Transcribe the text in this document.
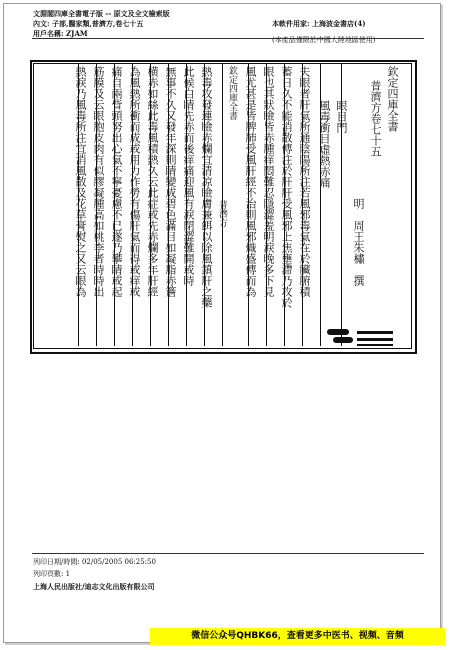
文淵閣四庫全書電子版 -- 原文及全文檢索版
內文: 子部,醫家類,普濟方,卷七十五
用戶名稱: ZJAM
本軟件用家: 上海波金書店(4)
(本產品僅限於中國大陸地區使用)
欽定四庫全書
普濟方卷七十五
明　周王朱橚　撰
眼目門
風毒衝目虛熱赤痛
夫眼者肝氣所通陰陽所注若風邪毒氣在於臟腑積
蓄日久不能消散傳注於肝肝受風邪上焦壅滯乃攻於
眼也其狀瞼皆赤腫痒悶難忍隱澀羞明淚晚多下見
風尤甚是皆脾肺受風肝經不治則風邪熾盛傳而為
欽定四庫全書
普濟方
熱毒攻發連瞼赤爛宜清凉瞼膚兼餌以除風鎮肝之藥
此候白睛先赤而後痒痛迎風有淚閉澀難開或時
無事不久又發年深則睛變成碧色滿目如凝脂赤簷
横赤如絲此毒風積熱久云此症或先赤爛多年肝經
為風熱所衝而成或用力作勞有傷肝氣而得或痒或
痛自兩眥頭努出心氣不寧憂慮不已遂乃攀睛或起
筋膜及云眼胞皮肉有似膠凝腫高如桃李者時時出
熱淚乃風毒所注宜消風散及花草膏熨之又云眼為
列印日期/時間: 02/05/2005 06:25:50
列印頁數: 1
上海人民出版社/迪志文化出版有限公司
微信公众号QHBK66，查看更多中医书、视频、音频
